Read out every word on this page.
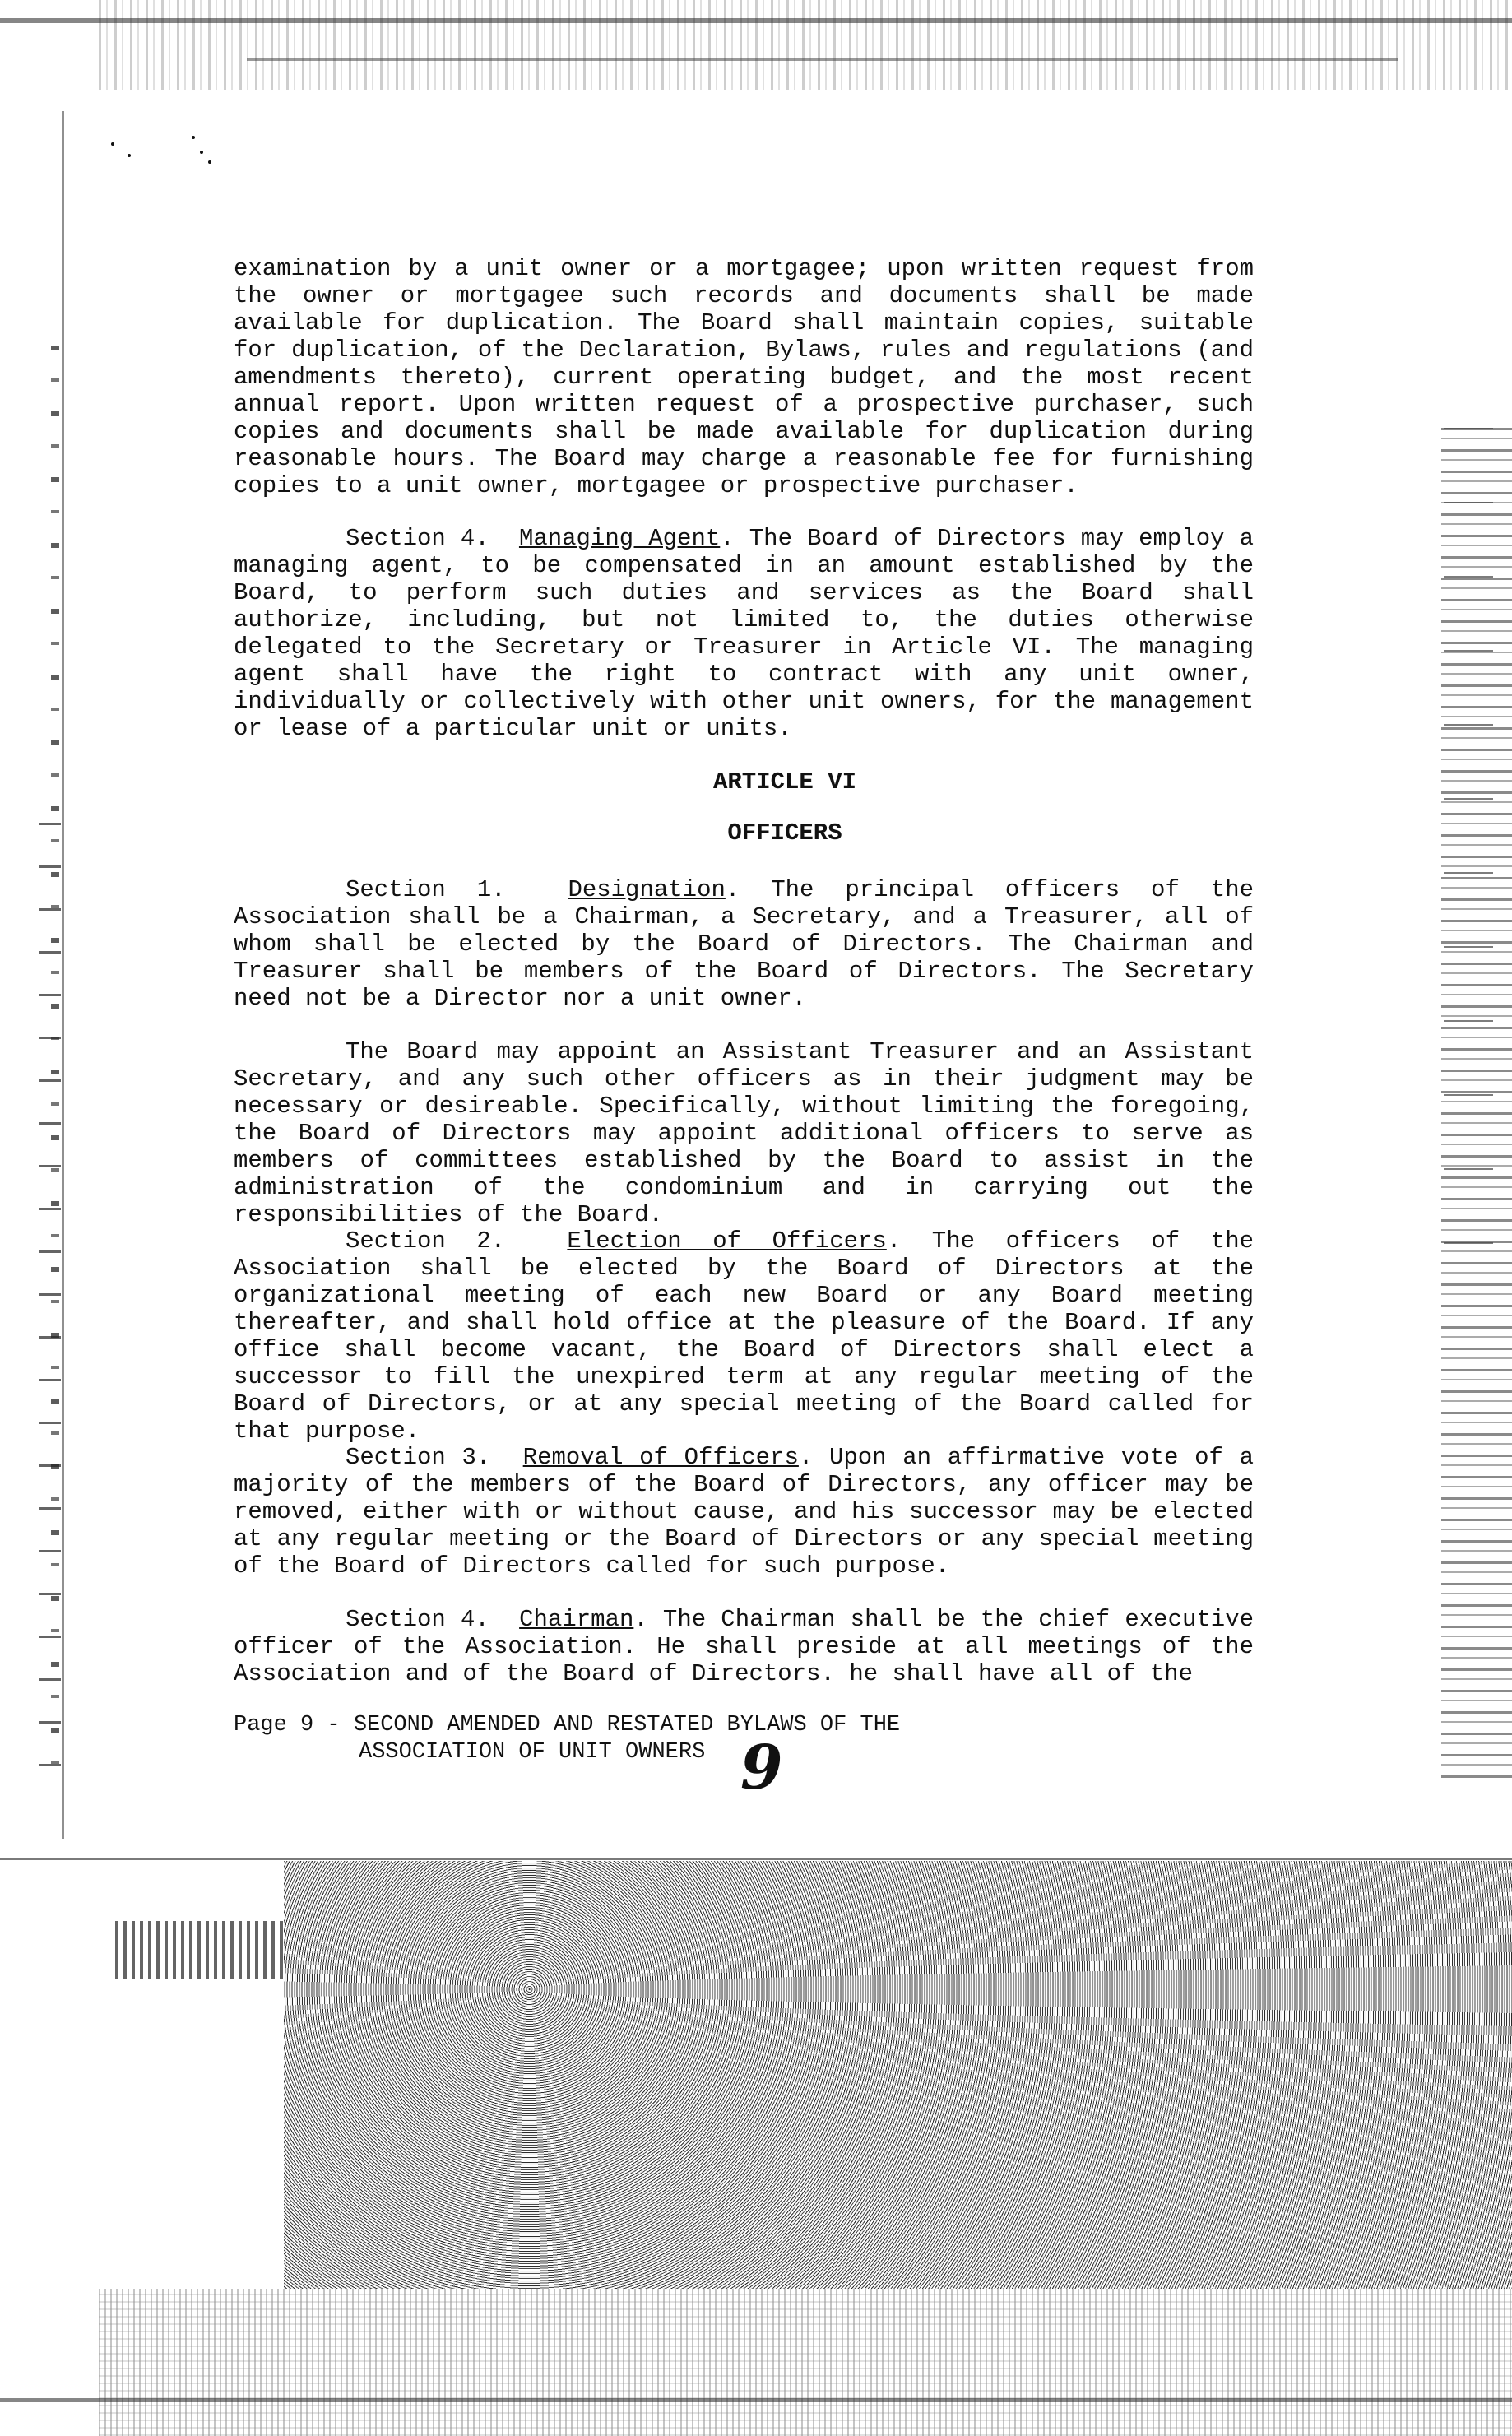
examination by a unit owner or a mortgagee; upon written request from the owner or mortgagee such records and documents shall be made available for duplication. The Board shall maintain copies, suitable for duplication, of the Declaration, Bylaws, rules and regulations (and amendments thereto), current operating budget, and the most recent annual report. Upon written request of a prospective purchaser, such copies and documents shall be made available for duplication during reasonable hours. The Board may charge a reasonable fee for furnishing copies to a unit owner, mortgagee or prospective purchaser.

Section 4. Managing Agent. The Board of Directors may employ a managing agent, to be compensated in an amount established by the Board, to perform such duties and services as the Board shall authorize, including, but not limited to, the duties otherwise delegated to the Secretary or Treasurer in Article VI. The managing agent shall have the right to contract with any unit owner, individually or collectively with other unit owners, for the management or lease of a particular unit or units.

ARTICLE VI

OFFICERS

Section 1.	Designation. The principal officers of the Association shall be a Chairman, a Secretary, and a Treasurer, all of whom shall be elected by the Board of Directors. The Chairman and Treasurer shall be members of the Board of Directors. The Secretary need not be a Director nor a unit owner.

The Board may appoint an Assistant Treasurer and an Assistant Secretary, and any such other officers as in their judgment may be necessary or desireable. Specifically, without limiting the foregoing, the Board of Directors may appoint additional officers to serve as members of committees established by the Board to assist in the administration of the condominium and in carrying out the responsibilities of the Board.

Section 2.	Election of Officers. The officers of the Association shall be elected by the Board of Directors at the organizational meeting of each new Board or any Board meeting thereafter, and shall hold office at the pleasure of the Board. If any office shall become vacant, the Board of Directors shall elect a successor to fill the unexpired term at any regular meeting of the Board of Directors, or at any special meeting of the Board called for that purpose.

Section 3. Removal of Officers. Upon an affirmative vote of a majority of the members of the Board of Directors, any officer may be removed, either with or without cause, and his successor may be elected at any regular meeting or the Board of Directors or any special meeting of the Board of Directors called for such purpose.

Section 4. Chairman. The Chairman shall be the chief executive officer of the Association. He shall preside at all meetings of the Association and of the Board of Directors. he shall have all of the

Page 9 - SECOND AMENDED AND RESTATED BYLAWS OF THE
ASSOCIATION OF UNIT OWNERS 9
